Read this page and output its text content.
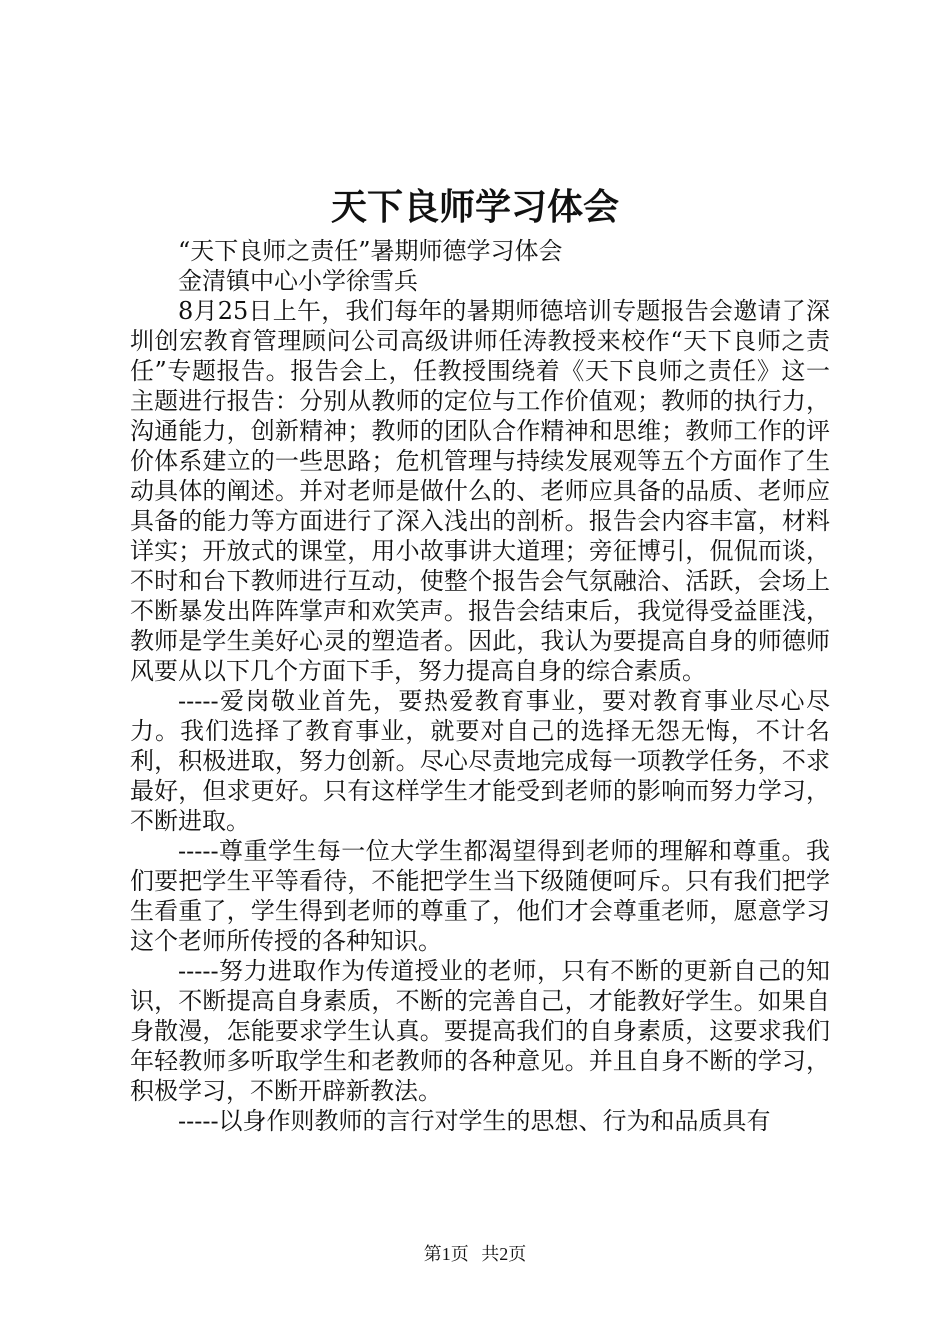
天下良师学习体会

“天下良师之责任”暑期师德学习体会

金清镇中心小学徐雪兵

8月25日上午，我们每年的暑期师德培训专题报告会邀请了深圳创宏教育管理顾问公司高级讲师任涛教授来校作“天下良师之责任”专题报告。报告会上，任教授围绕着《天下良师之责任》这一主题进行报告：分别从教师的定位与工作价值观；教师的执行力，沟通能力，创新精神；教师的团队合作精神和思维；教师工作的评价体系建立的一些思路；危机管理与持续发展观等五个方面作了生动具体的阐述。并对老师是做什么的、老师应具备的品质、老师应具备的能力等方面进行了深入浅出的剖析。报告会内容丰富，材料详实；开放式的课堂，用小故事讲大道理；旁征博引，侃侃而谈，不时和台下教师进行互动，使整个报告会气氛融洽、活跃，会场上不断暴发出阵阵掌声和欢笑声。报告会结束后，我觉得受益匪浅，教师是学生美好心灵的塑造者。因此，我认为要提高自身的师德师风要从以下几个方面下手，努力提高自身的综合素质。

-----爱岗敬业首先，要热爱教育事业，要对教育事业尽心尽力。我们选择了教育事业，就要对自己的选择无怨无悔，不计名利，积极进取，努力创新。尽心尽责地完成每一项教学任务，不求最好，但求更好。只有这样学生才能受到老师的影响而努力学习，不断进取。

-----尊重学生每一位大学生都渴望得到老师的理解和尊重。我们要把学生平等看待，不能把学生当下级随便呵斥。只有我们把学生看重了，学生得到老师的尊重了，他们才会尊重老师，愿意学习这个老师所传授的各种知识。

-----努力进取作为传道授业的老师，只有不断的更新自己的知识，不断提高自身素质，不断的完善自己，才能教好学生。如果自身散漫，怎能要求学生认真。要提高我们的自身素质，这要求我们年轻教师多听取学生和老教师的各种意见。并且自身不断的学习，积极学习，不断开辟新教法。

-----以身作则教师的言行对学生的思想、行为和品质具有

第1页 共2页
